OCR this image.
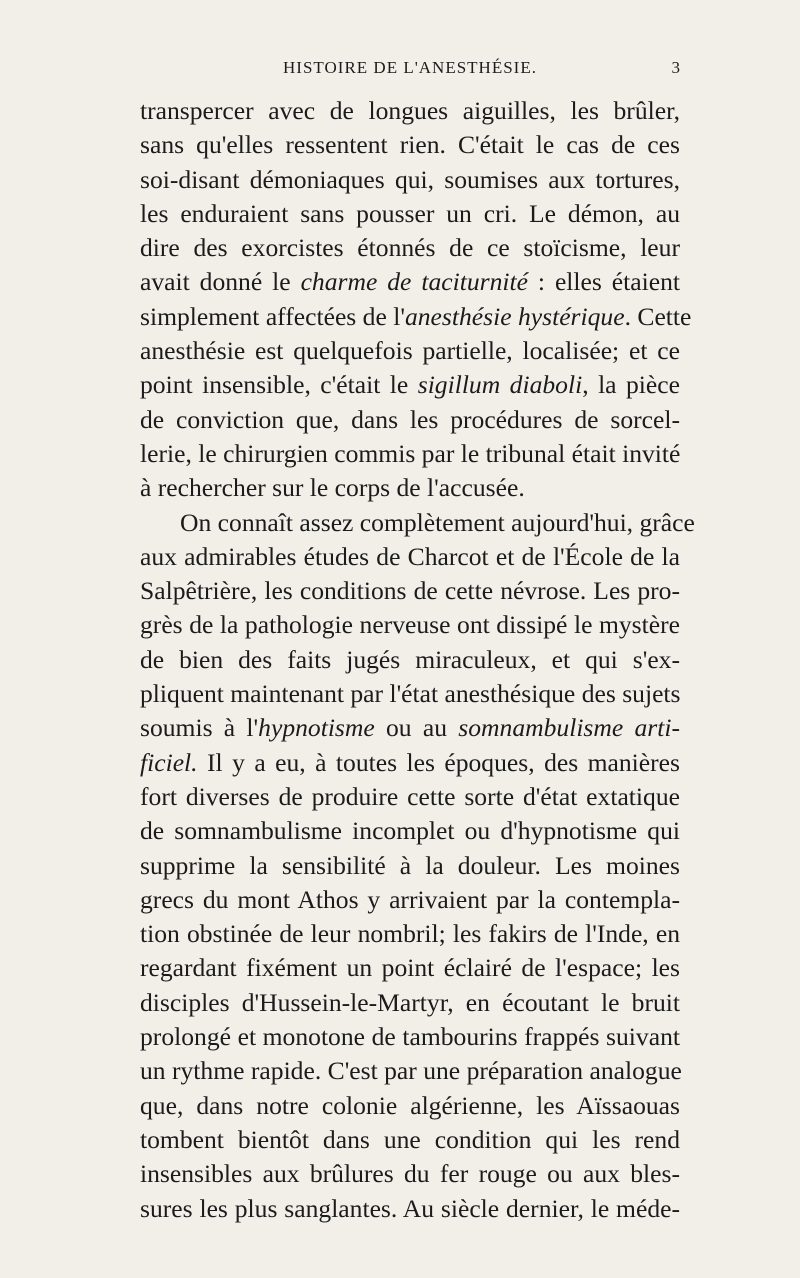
HISTOIRE DE L'ANESTHÉSIE.	3
transpercer avec de longues aiguilles, les brûler,
sans qu'elles ressentent rien. C'était le cas de ces
soi-disant démoniaques qui, soumises aux tortures,
les enduraient sans pousser un cri. Le démon, au
dire des exorcistes étonnés de ce stoïcisme, leur
avait donné le charme de taciturnité : elles étaient
simplement affectées de l'anesthésie hystérique. Cette
anesthésie est quelquefois partielle, localisée; et ce
point insensible, c'était le sigillum diaboli, la pièce
de conviction que, dans les procédures de sorcel-
lerie, le chirurgien commis par le tribunal était invité
à rechercher sur le corps de l'accusée.
On connaît assez complètement aujourd'hui, grâce
aux admirables études de Charcot et de l'École de la
Salpêtrière, les conditions de cette névrose. Les pro-
grès de la pathologie nerveuse ont dissipé le mystère
de bien des faits jugés miraculeux, et qui s'ex-
pliquent maintenant par l'état anesthésique des sujets
soumis à l'hypnotisme ou au somnambulisme arti-
ficiel. Il y a eu, à toutes les époques, des manières
fort diverses de produire cette sorte d'état extatique
de somnambulisme incomplet ou d'hypnotisme qui
supprime la sensibilité à la douleur. Les moines
grecs du mont Athos y arrivaient par la contempla-
tion obstinée de leur nombril; les fakirs de l'Inde, en
regardant fixément un point éclairé de l'espace; les
disciples d'Hussein-le-Martyr, en écoutant le bruit
prolongé et monotone de tambourins frappés suivant
un rythme rapide. C'est par une préparation analogue
que, dans notre colonie algérienne, les Aïssaouas
tombent bientôt dans une condition qui les rend
insensibles aux brûlures du fer rouge ou aux bles-
sures les plus sanglantes. Au siècle dernier, le méde-
